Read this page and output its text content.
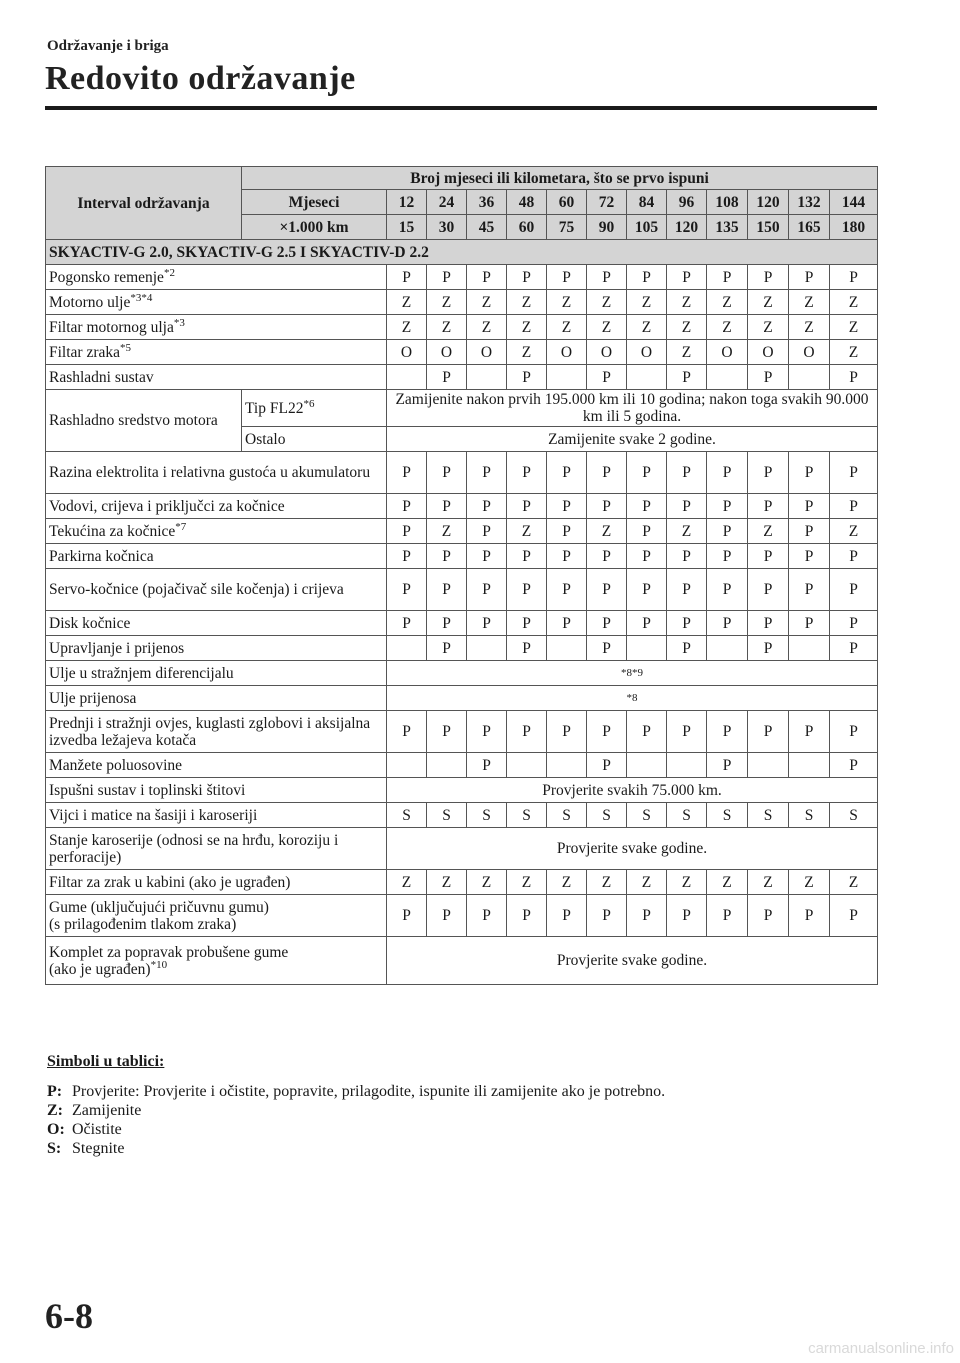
Održavanje i briga
Redovito održavanje
Interval održavanja	Broj mjeseci ili kilometara, što se prvo ispuni												
	Mjeseci	12	24	36	48	60	72	84	96	108	120	132	144
	×1.000 km	15	30	45	60	75	90	105	120	135	150	165	180
SKYACTIV-G 2.0, SKYACTIV-G 2.5 I SKYACTIV-D 2.2													
Pogonsko remenje$^{*2}$		P	P	P	P	P	P	P	P	P	P	P	P
Motorno ulje$^{*3*4}$		Z	Z	Z	Z	Z	Z	Z	Z	Z	Z	Z	Z
Filtar motornog ulja$^{*3}$		Z	Z	Z	Z	Z	Z	Z	Z	Z	Z	Z	Z
Filtar zraka$^{*5}$		O	O	O	Z	O	O	O	Z	O	O	O	Z
Rashladni sustav			P		P		P		P		P		P
Rashladno sredstvo motora	Tip FL22$^{*6}$	Zamijenite nakon prvih 195.000 km ili 10 godina; nakon toga svakih 90.000 km ili 5 godina.											
	Ostalo	Zamijenite svake 2 godine.											
Razina elektrolita i relativna gustoća u akumulatoru		P	P	P	P	P	P	P	P	P	P	P	P
Vodovi, crijeva i priključci za kočnice		P	P	P	P	P	P	P	P	P	P	P	P
Tekućina za kočnice$^{*7}$		P	Z	P	Z	P	Z	P	Z	P	Z	P	Z
Parkirna kočnica		P	P	P	P	P	P	P	P	P	P	P	P
Servo-kočnice (pojačivač sile kočenja) i crijeva		P	P	P	P	P	P	P	P	P	P	P	P
Disk kočnice		P	P	P	P	P	P	P	P	P	P	P	P
Upravljanje i prijenos			P		P		P		P		P		P
Ulje u stražnjem diferencijalu		*8*9											
Ulje prijenosa		*8											
Prednji i stražnji ovjes, kuglasti zglobovi i aksijalna izvedba ležajeva kotača		P	P	P	P	P	P	P	P	P	P	P	P
Manžete poluosovine				P			P			P			P
Ispušni sustav i toplinski štitovi		Provjerite svakih 75.000 km.											
Vijci i matice na šasiji i karoseriji		S	S	S	S	S	S	S	S	S	S	S	S
Stanje karoserije (odnosi se na hrđu, koroziju i perforacije)		Provjerite svake godine.											
Filtar za zrak u kabini (ako je ugrađen)		Z	Z	Z	Z	Z	Z	Z	Z	Z	Z	Z	Z
Gume (uključujući pričuvnu gumu)
(s prilagođenim tlakom zraka)		P	P	P	P	P	P	P	P	P	P	P	P
Komplet za popravak probušene gume
(ako je ugrađen)$^{*10}$		Provjerite svake godine.											
Simboli u tablici:
P: Provjerite: Provjerite i očistite, popravite, prilagodite, ispunite ili zamijenite ako je potrebno.
Z: Zamijenite
O: Očistite
S: Stegnite
6-8
carmanualsonline.info
